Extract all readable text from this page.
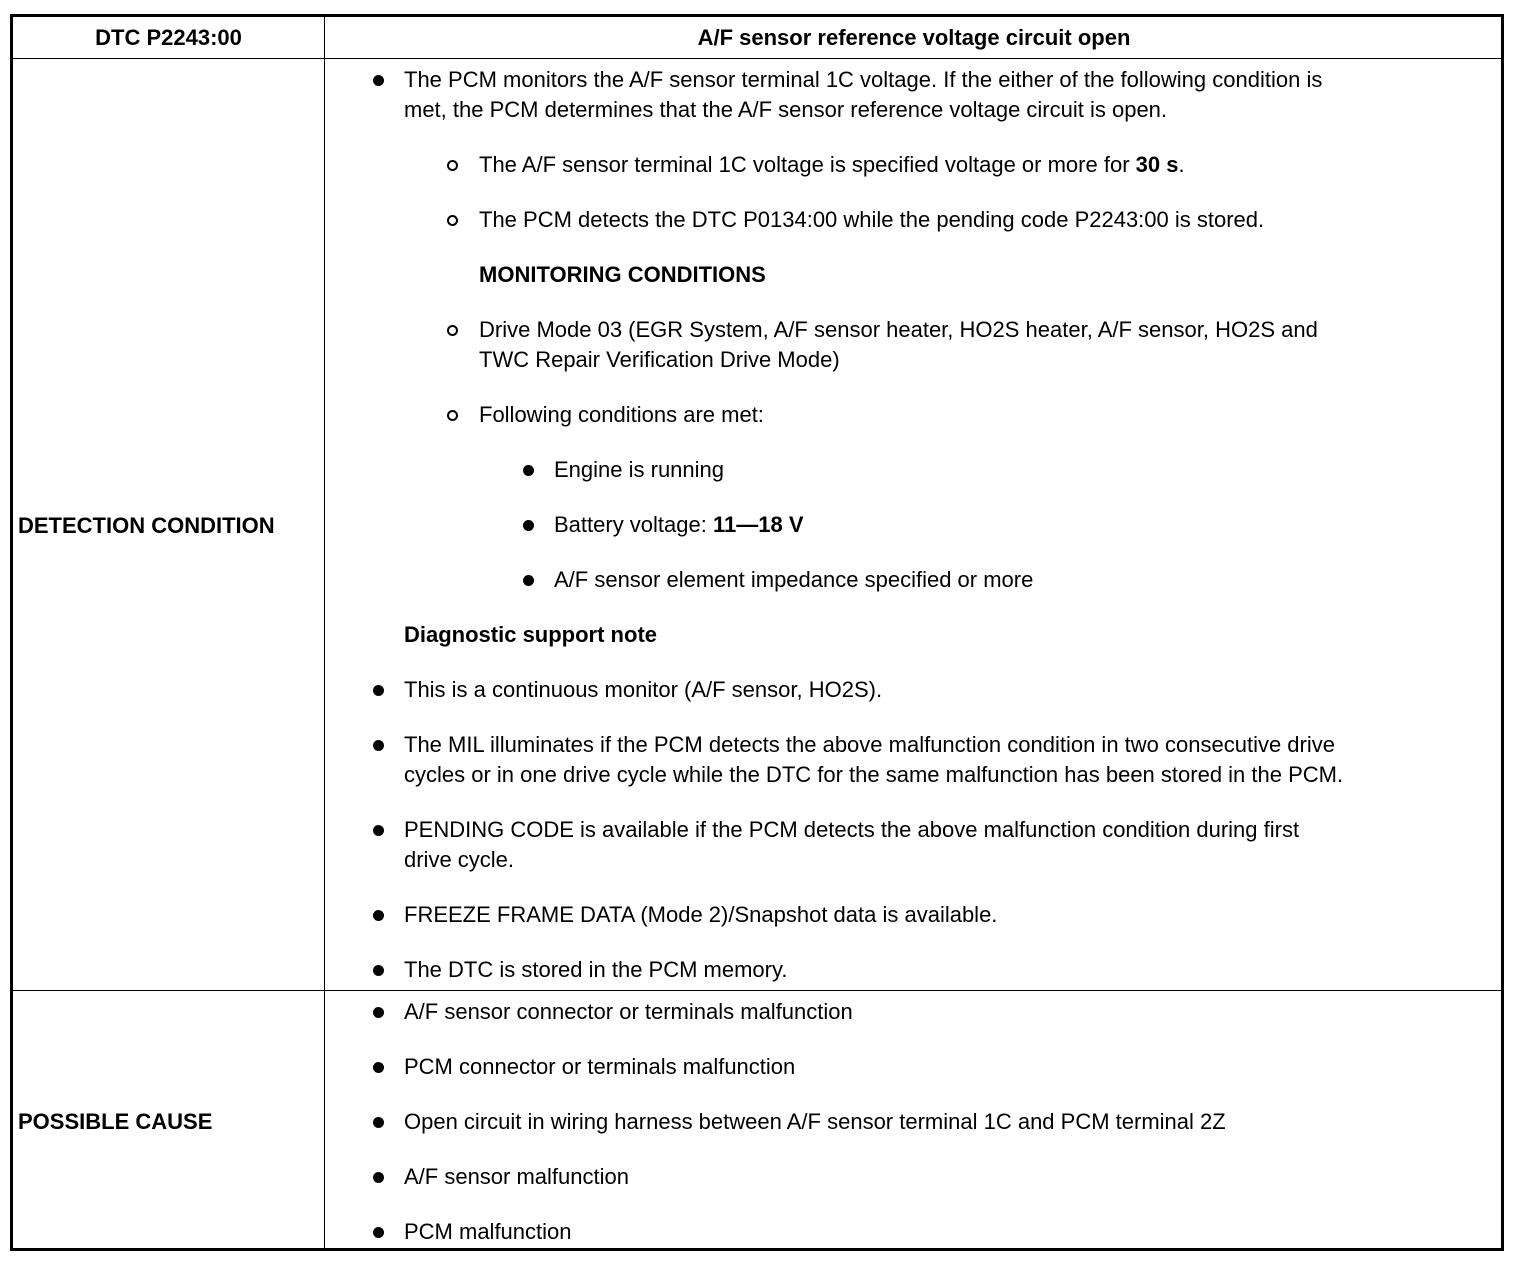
DTC P2243:00	A/F sensor reference voltage circuit open
DETECTION CONDITION
POSSIBLE CAUSE
The PCM monitors the A/F sensor terminal 1C voltage. If the either of the following condition is
met, the PCM determines that the A/F sensor reference voltage circuit is open.
The A/F sensor terminal 1C voltage is specified voltage or more for 30 s.
The PCM detects the DTC P0134:00 while the pending code P2243:00 is stored.
MONITORING CONDITIONS
Drive Mode 03 (EGR System, A/F sensor heater, HO2S heater, A/F sensor, HO2S and
TWC Repair Verification Drive Mode)
Following conditions are met:
Engine is running
Battery voltage: 11—18 V
A/F sensor element impedance specified or more
Diagnostic support note
This is a continuous monitor (A/F sensor, HO2S).
The MIL illuminates if the PCM detects the above malfunction condition in two consecutive drive
cycles or in one drive cycle while the DTC for the same malfunction has been stored in the PCM.
PENDING CODE is available if the PCM detects the above malfunction condition during first
drive cycle.
FREEZE FRAME DATA (Mode 2)/Snapshot data is available.
The DTC is stored in the PCM memory.
A/F sensor connector or terminals malfunction
PCM connector or terminals malfunction
Open circuit in wiring harness between A/F sensor terminal 1C and PCM terminal 2Z
A/F sensor malfunction
PCM malfunction
